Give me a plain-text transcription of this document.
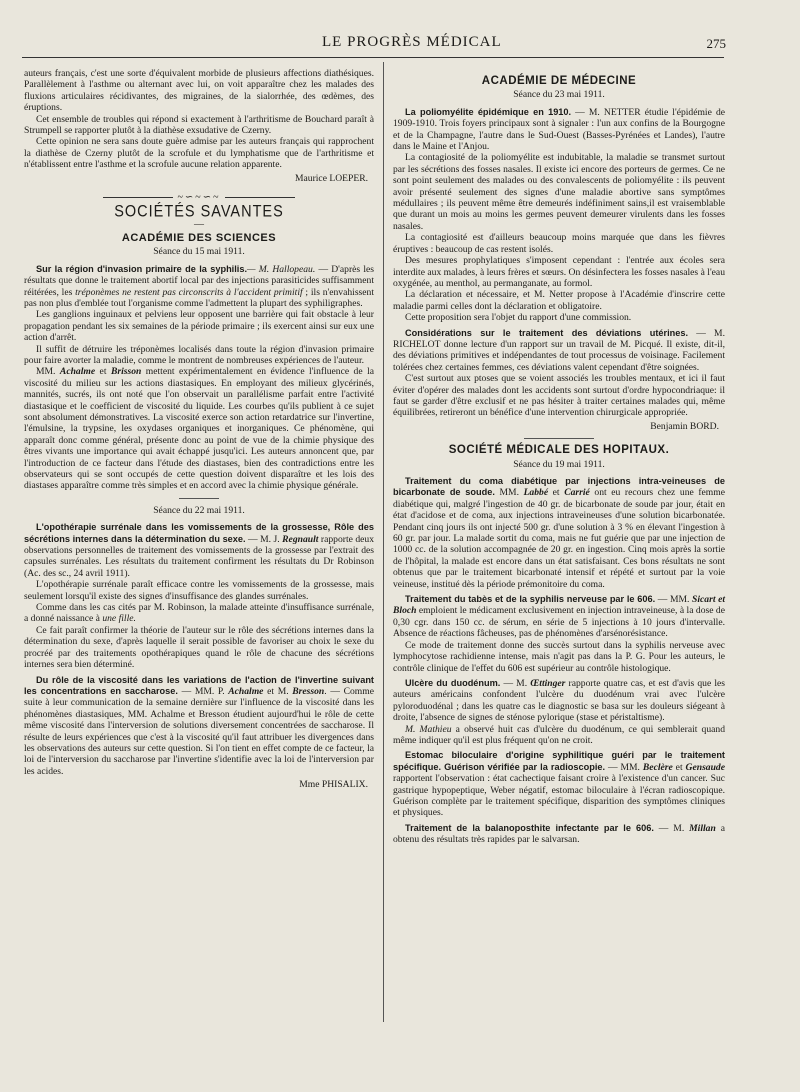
LE PROGRÈS MÉDICAL	275

auteurs français, c'est une sorte d'équivalent morbide de plusieurs affections diathésiques. Parallèlement à l'asthme ou alternant avec lui, on voit apparaître chez les malades des fluxions articulaires récidivantes, des migraines, de la sialorrhée, des œdèmes, des éruptions.

Cet ensemble de troubles qui répond si exactement à l'arthritisme de Bouchard paraît à Strumpell se rapporter plutôt à la diathèse exsudative de Czerny.

Cette opinion ne sera sans doute guère admise par les auteurs français qui rapprochent la diathèse de Czerny plutôt de la scrofule et du lymphatisme que de l'arthritisme et n'établissent entre l'asthme et la scrofule aucune relation apparente.

Maurice LOEPER.
~∽~∽~
SOCIÉTÉS SAVANTES
—
ACADÉMIE DES SCIENCES
Séance du 15 mai 1911.

Sur la région d'invasion primaire de la syphilis.— M. Hallopeau. — D'après les résultats que donne le traitement abortif local par des injections parasiticides suffisamment réitérées, les tréponèmes ne restent pas circonscrits à l'accident primitif ; ils n'envahissent pas non plus d'emblée tout l'organisme comme l'admettent la plupart des syphiligraphes.

Les ganglions inguinaux et pelviens leur opposent une barrière qui fait obstacle à leur propagation pendant les six semaines de la période primaire ; ils exercent ainsi sur eux une action d'arrêt.

Il suffit de détruire les tréponèmes localisés dans toute la région d'invasion primaire pour faire avorter la maladie, comme le montrent de nombreuses expériences de l'auteur.

MM. Achalme et Brisson mettent expérimentalement en évidence l'influence de la viscosité du milieu sur les actions diastasiques. En employant des milieux glycérinés, mannités, sucrés, ils ont noté que l'on observait un parallélisme parfait entre l'activité diastasique et le coefficient de viscosité du liquide. Les courbes qu'ils publient à ce sujet sont absolument démonstratives. La viscosité exerce son action retardatrice sur l'invertine, l'émulsine, la trypsine, les oxydases organiques et inorganiques. Ce phénomène, qui apparaît donc comme général, présente donc au point de vue de la chimie physique des êtres vivants une importance qui avait échappé jusqu'ici. Les auteurs annoncent que, par l'introduction de ce facteur dans l'étude des diastases, bien des contradictions entre les observateurs qui se sont occupés de cette question doivent disparaître et les lois des diastases apparaître comme très simples et en accord avec la chimie physique générale.

Séance du 22 mai 1911.

L'opothérapie surrénale dans les vomissements de la grossesse, Rôle des sécrétions internes dans la détermination du sexe. — M. J. Regnault rapporte deux observations personnelles de traitement des vomissements de la grossesse par l'extrait des capsules surrénales. Les résultats du traitement confirment les résultats du Dr Robinson (Ac. des sc., 24 avril 1911).

L'opothérapie surrénale paraît efficace contre les vomissements de la grossesse, mais seulement lorsqu'il existe des signes d'insuffisance des glandes surrénales.

Comme dans les cas cités par M. Robinson, la malade atteinte d'insuffisance surrénale, a donné naissance à une fille.

Ce fait paraît confirmer la théorie de l'auteur sur le rôle des sécrétions internes dans la détermination du sexe, d'après laquelle il serait possible de favoriser au choix le sexe du procréé par des traitements opothérapiques quand le rôle de chacune des sécrétions internes sera bien déterminé.

Du rôle de la viscosité dans les variations de l'action de l'invertine suivant les concentrations en saccharose. — MM. P. Achalme et M. Bresson. — Comme suite à leur communication de la semaine dernière sur l'influence de la viscosité dans les phénomènes diastasiques, MM. Achalme et Bresson étudient aujourd'hui le rôle de cette même viscosité dans l'interversion de solutions diversement concentrées de saccharose. Il résulte de leurs expériences que c'est à la viscosité qu'il faut attribuer les divergences dans les observations des auteurs sur cette question. Si l'on tient en effet compte de ce facteur, la loi de l'interversion du saccharose par l'invertine s'identifie avec la loi de l'interversion par les acides.

Mme PHISALIX.
ACADÉMIE DE MÉDECINE
Séance du 23 mai 1911.

La poliomyélite épidémique en 1910. — M. NETTER étudie l'épidémie de 1909-1910. Trois foyers principaux sont à signaler : l'un aux confins de la Bourgogne et de la Champagne, l'autre dans le Sud-Ouest (Basses-Pyrénées et Landes), l'autre dans le Maine et l'Anjou.

La contagiosité de la poliomyélite est indubitable, la maladie se transmet surtout par les sécrétions des fosses nasales. Il existe ici encore des porteurs de germes. Ce ne sont point seulement des malades ou des convalescents de poliomyélite : ils peuvent avoir présenté seulement des signes d'une maladie abortive sans symptômes médullaires ; ils peuvent même être demeurés indéfiniment sains,il est vraisemblable que durant un mois au moins les germes peuvent demeurer virulents dans les fosses nasales.

La contagiosité est d'ailleurs beaucoup moins marquée que dans les fièvres éruptives : beaucoup de cas restent isolés.

Des mesures prophylatiques s'imposent cependant : l'entrée aux écoles sera interdite aux malades, à leurs frères et sœurs. On désinfectera les fosses nasales à l'eau oxygénée, au menthol, au permanganate, au formol.

La déclaration et nécessaire, et M. Netter propose à l'Académie d'inscrire cette maladie parmi celles dont la déclaration et obligatoire.

Cette proposition sera l'objet du rapport d'une commission.

Considérations sur le traitement des déviations utérines. — M. RICHELOT donne lecture d'un rapport sur un travail de M. Picqué. Il existe, dit-il, des déviations primitives et indépendantes de tout processus de voisinage. Facilement tolérées chez certaines femmes, ces déviations valent cependant d'être soignées.

C'est surtout aux ptoses que se voient associés les troubles mentaux, et ici il faut éviter d'opérer des malades dont les accidents sont surtout d'ordre hypocondriaque: il faut se garder d'être exclusif et ne pas hésiter à traiter certaines malades qui, même équilibrées, retireront un bénéfice d'une intervention chirurgicale appropriée.

Benjamin BORD.
SOCIÉTÉ MÉDICALE DES HOPITAUX.
Séance du 19 mai 1911.

Traitement du coma diabétique par injections intra-veineuses de bicarbonate de soude. MM. Labbé et Carrié ont eu recours chez une femme diabétique qui, malgré l'ingestion de 40 gr. de bicarbonate de soude par jour, était en état d'acidose et de coma, aux injections intraveineuses d'une solution bicarbonatée. Pendant cinq jours ils ont injecté 500 gr. d'une solution à 3 % en élevant l'ingestion à 60 gr. par jour. La malade sortit du coma, mais ne fut guérie que par une injection de 1000 cc. de la solution accompagnée de 20 gr. en ingestion. Cinq mois après la sortie de l'hôpital, la malade est encore dans un état satisfaisant. Ces bons résultats ne sont obtenus que par le traitement bicarbonaté intensif et répété et surtout par la voie veineuse, institué dès la période prémonitoire du coma.

Traitement du tabès et de la syphilis nerveuse par le 606. — MM. Sicart et Bloch emploient le médicament exclusivement en injection intraveineuse, à la dose de 0,30 cgr. dans 150 cc. de sérum, en série de 5 injections à 10 jours d'intervalle. Absence de réactions fâcheuses, pas de phénomènes d'arsénorésistance.

Ce mode de traitement donne des succès surtout dans la syphilis nerveuse avec lymphocytose rachidienne intense, mais n'agit pas dans la P. G. Pour les auteurs, le contrôle clinique de l'effet du 606 est supérieur au contrôle histologique.

Ulcère du duodénum. — M. Œttinger rapporte quatre cas, et est d'avis que les auteurs américains confondent l'ulcère du duodénum vrai avec l'ulcère pyloroduodénal ; dans les quatre cas le diagnostic se basa sur les douleurs siégeant à droite, l'absence de signes de sténose pylorique (stase et péristaltisme).

M. Mathieu a observé huit cas d'ulcère du duodénum, ce qui semblerait quand même indiquer qu'il est plus fréquent qu'on ne croit.

Estomac biloculaire d'origine syphilitique guéri par le traitement spécifique. Guérison vérifiée par la radioscopie. — MM. Beclère et Gensaude rapportent l'observation : état cachectique faisant croire à l'existence d'un cancer. Suc gastrique hypopeptique, Weber négatif, estomac biloculaire à l'écran radioscopique. Guérison complète par le traitement spécifique, disparition des symptômes cliniques et physiques.

Traitement de la balanoposthite infectante par le 606. — M. Millan a obtenu des résultats très rapides par le salvarsan.
